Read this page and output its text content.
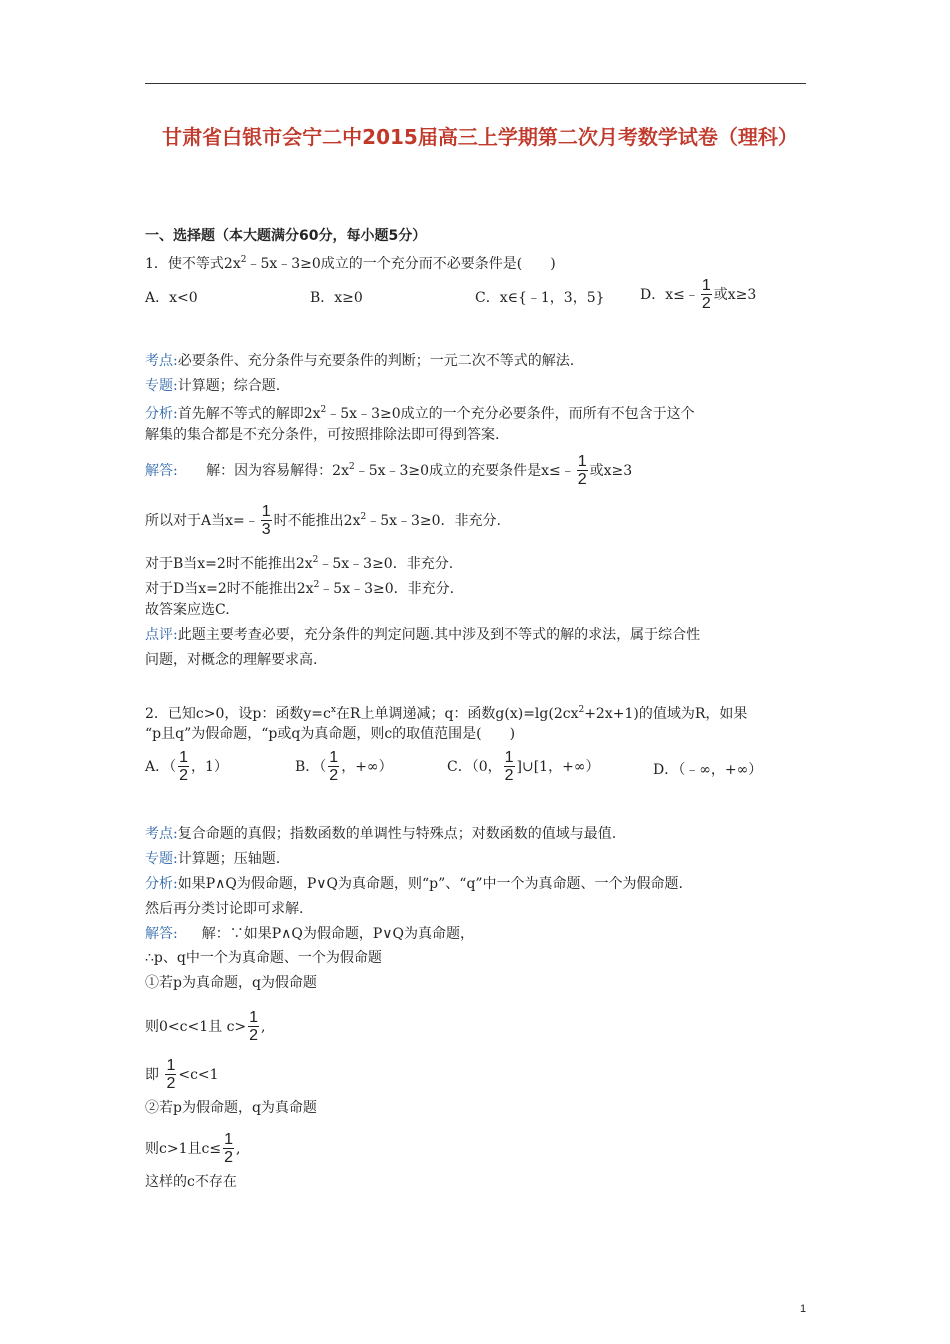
甘肃省白银市会宁二中2015届高三上学期第二次月考数学试卷（理科）
一、选择题（本大题满分60分，每小题5分）
1．使不等式$2x^2﹣5x﹣3\ge 0$成立的一个充分而不必要条件是(　　)
A．x<0	B．x≥0	C．x∈{﹣1，3，5}	D．x≤﹣ $\frac{1}{2}$ 或x≥3
考点:必要条件、充分条件与充要条件的判断；一元二次不等式的解法.
专题:计算题；综合题.
分析:首先解不等式的解即$2x^2﹣5x﹣3\ge 0$成立的一个充分必要条件，而所有不包含于这个
解集的集合都是不充分条件，可按照排除法即可得到答案.
解答: 解：因为容易解得：$2x^2﹣5x﹣3\ge 0$成立的充要条件是x≤﹣ $\frac{1}{2}$ 或x≥3
所以对于A当x=﹣ $\frac{1}{3}$ 时不能推出$2x^2﹣5x﹣3\ge 0$．非充分.
对于B当x=2时不能推出$2x^2﹣5x﹣3\ge 0$．非充分.
对于D当x=2时不能推出$2x^2﹣5x﹣3\ge 0$．非充分.
故答案应选C.
点评:此题主要考查必要，充分条件的判定问题.其中涉及到不等式的解的求法，属于综合性
问题，对概念的理解要求高.
2．已知c>0，设p：函数$y=c^x$在R上单调递减；q：函数$g(x)=\lg(2cx^2+2x+1)$的值域为R，如果
“p且q”为假命题，“p或q为真命题，则c的取值范围是(　　)
A．（ $\frac{1}{2}$ ，1）	B．（ $\frac{1}{2}$ ，+∞）	C．（0， $\frac{1}{2}$ ]∪[1，+∞）	D．（﹣∞，+∞）
考点:复合命题的真假；指数函数的单调性与特殊点；对数函数的值域与最值.
专题:计算题；压轴题.
分析:如果P∧Q为假命题，P∨Q为真命题，则“p”、“q”中一个为真命题、一个为假命题.
然后再分类讨论即可求解.
解答: 解：∵如果P∧Q为假命题，P∨Q为真命题，
∴p、q中一个为真命题、一个为假命题
①若p为真命题，q为假命题
则0<c<1且 $c> \frac{1}{2}$ ,
即 $\frac{1}{2} <c<1$
②若p为假命题，q为真命题
则c>1且$c\le \frac{1}{2}$ ,
这样的c不存在
1
